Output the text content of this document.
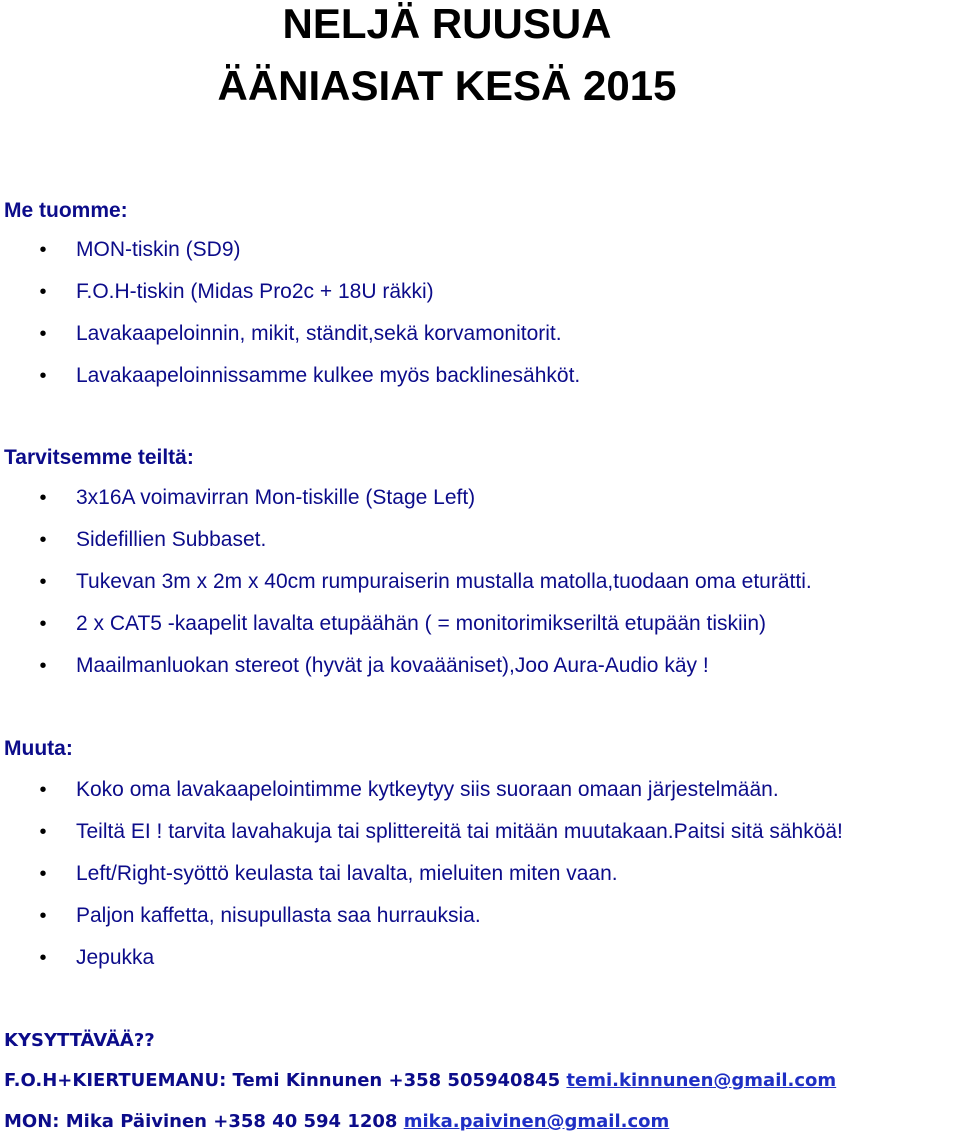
NELJÄ RUUSUA
ÄÄNIASIAT KESÄ 2015

Me tuomme:

• MON-tiskin (SD9)
• F.O.H-tiskin (Midas Pro2c + 18U räkki)
• Lavakaapeloinnin, mikit, ständit,sekä korvamonitorit.
• Lavakaapeloinnissamme kulkee myös backlinesähköt.

Tarvitsemme teiltä:

• 3x16A voimavirran Mon-tiskille (Stage Left)
• Sidefillien Subbaset.
• Tukevan 3m x 2m x 40cm rumpuraiserin mustalla matolla,tuodaan oma eturätti.
• 2 x CAT5 -kaapelit lavalta etupäähän ( = monitorimikseriltä etupään tiskiin)
• Maailmanluokan stereot (hyvät ja kovaääniset),Joo Aura-Audio käy !

Muuta:

• Koko oma lavakaapelointimme kytkeytyy siis suoraan omaan järjestelmään.
• Teiltä EI ! tarvita lavahakuja tai splittereitä tai mitään muutakaan.Paitsi sitä sähköä!
• Left/Right-syöttö keulasta tai lavalta, mieluiten miten vaan.
• Paljon kaffetta, nisupullasta saa hurrauksia.
• Jepukka

KYSYTTÄVÄÄ??

F.O.H+KIERTUEMANU: Temi Kinnunen +358 505940845 temi.kinnunen@gmail.com

MON: Mika Päivinen +358 40 594 1208 mika.paivinen@gmail.com
